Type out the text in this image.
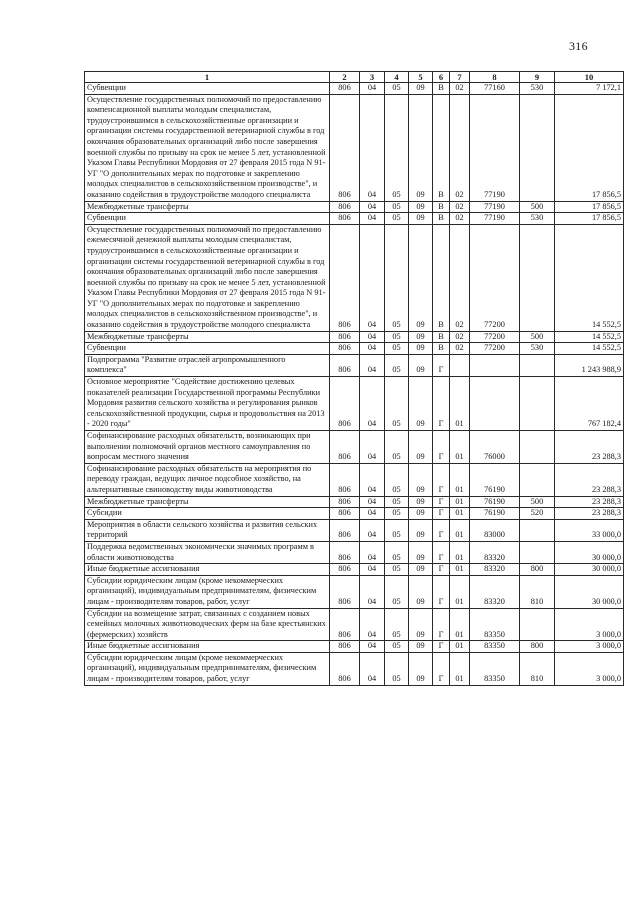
316
1	2	3	4	5	6	7	8	9	10
Субвенции	806	04	05	09	В	02	77160	530	7 172,1
Осуществление государственных полномочий по предоставлению компенсационной выплаты молодым специалистам, трудоустроившимся в сельскохозяйственные организации и организации системы государственной ветеринарной службы в год окончания образовательных организаций либо после завершения военной службы по призыву на срок не менее 5 лет, установленной Указом Главы Республики Мордовия от 27 февраля 2015 года N 91-УГ "О дополнительных мерах по подготовке и закреплению молодых специалистов в сельскохозяйственном производстве", и оказанию содействия в трудоустройстве молодого специалиста	806	04	05	09	В	02	77190		17 856,5
Межбюджетные трансферты	806	04	05	09	В	02	77190	500	17 856,5
Субвенции	806	04	05	09	В	02	77190	530	17 856,5
Осуществление государственных полномочий по предоставлению ежемесячной денежной выплаты молодым специалистам, трудоустроившимся в сельскохозяйственные организации и организации системы государственной ветеринарной службы в год окончания образовательных организаций либо после завершения военной службы по призыву на срок не менее 5 лет, установленной Указом Главы Республики Мордовия от 27 февраля 2015 года N 91-УГ "О дополнительных мерах по подготовке и закреплению молодых специалистов в сельскохозяйственном производстве", и оказанию содействия в трудоустройстве молодого специалиста	806	04	05	09	В	02	77200		14 552,5
Межбюджетные трансферты	806	04	05	09	В	02	77200	500	14 552,5
Субвенции	806	04	05	09	В	02	77200	530	14 552,5
Подпрограмма "Развитие отраслей агропромышленного комплекса"	806	04	05	09	Г				1 243 988,9
Основное мероприятие "Содействие достижению целевых показателей реализации Государственной программы Республики Мордовия развития сельского хозяйства и регулирования рынков сельскохозяйственной продукции, сырья и продовольствия на 2013 - 2020 годы"	806	04	05	09	Г	01			767 182,4
Софинансирование расходных обязательств, возникающих при выполнении полномочий органов местного самоуправления по вопросам местного значения	806	04	05	09	Г	01	76000		23 288,3
Софинансирование расходных обязательств на мероприятия по переводу граждан, ведущих личное подсобное хозяйство, на альтернативные свиноводству виды животноводства	806	04	05	09	Г	01	76190		23 288,3
Межбюджетные трансферты	806	04	05	09	Г	01	76190	500	23 288,3
Субсидии	806	04	05	09	Г	01	76190	520	23 288,3
Мероприятия в области сельского хозяйства и развития сельских территорий	806	04	05	09	Г	01	83000		33 000,0
Поддержка ведомственных экономически значимых программ в области животноводства	806	04	05	09	Г	01	83320		30 000,0
Иные бюджетные ассигнования	806	04	05	09	Г	01	83320	800	30 000,0
Субсидии юридическим лицам (кроме некоммерческих организаций), индивидуальным предпринимателям, физическим лицам - производителям товаров, работ, услуг	806	04	05	09	Г	01	83320	810	30 000,0
Субсидии на возмещение затрат, связанных с созданием новых семейных молочных животноводческих ферм на базе крестьянских (фермерских) хозяйств	806	04	05	09	Г	01	83350		3 000,0
Иные бюджетные ассигнования	806	04	05	09	Г	01	83350	800	3 000,0
Субсидии юридическим лицам (кроме некоммерческих организаций), индивидуальным предпринимателям, физическим лицам - производителям товаров, работ, услуг	806	04	05	09	Г	01	83350	810	3 000,0
